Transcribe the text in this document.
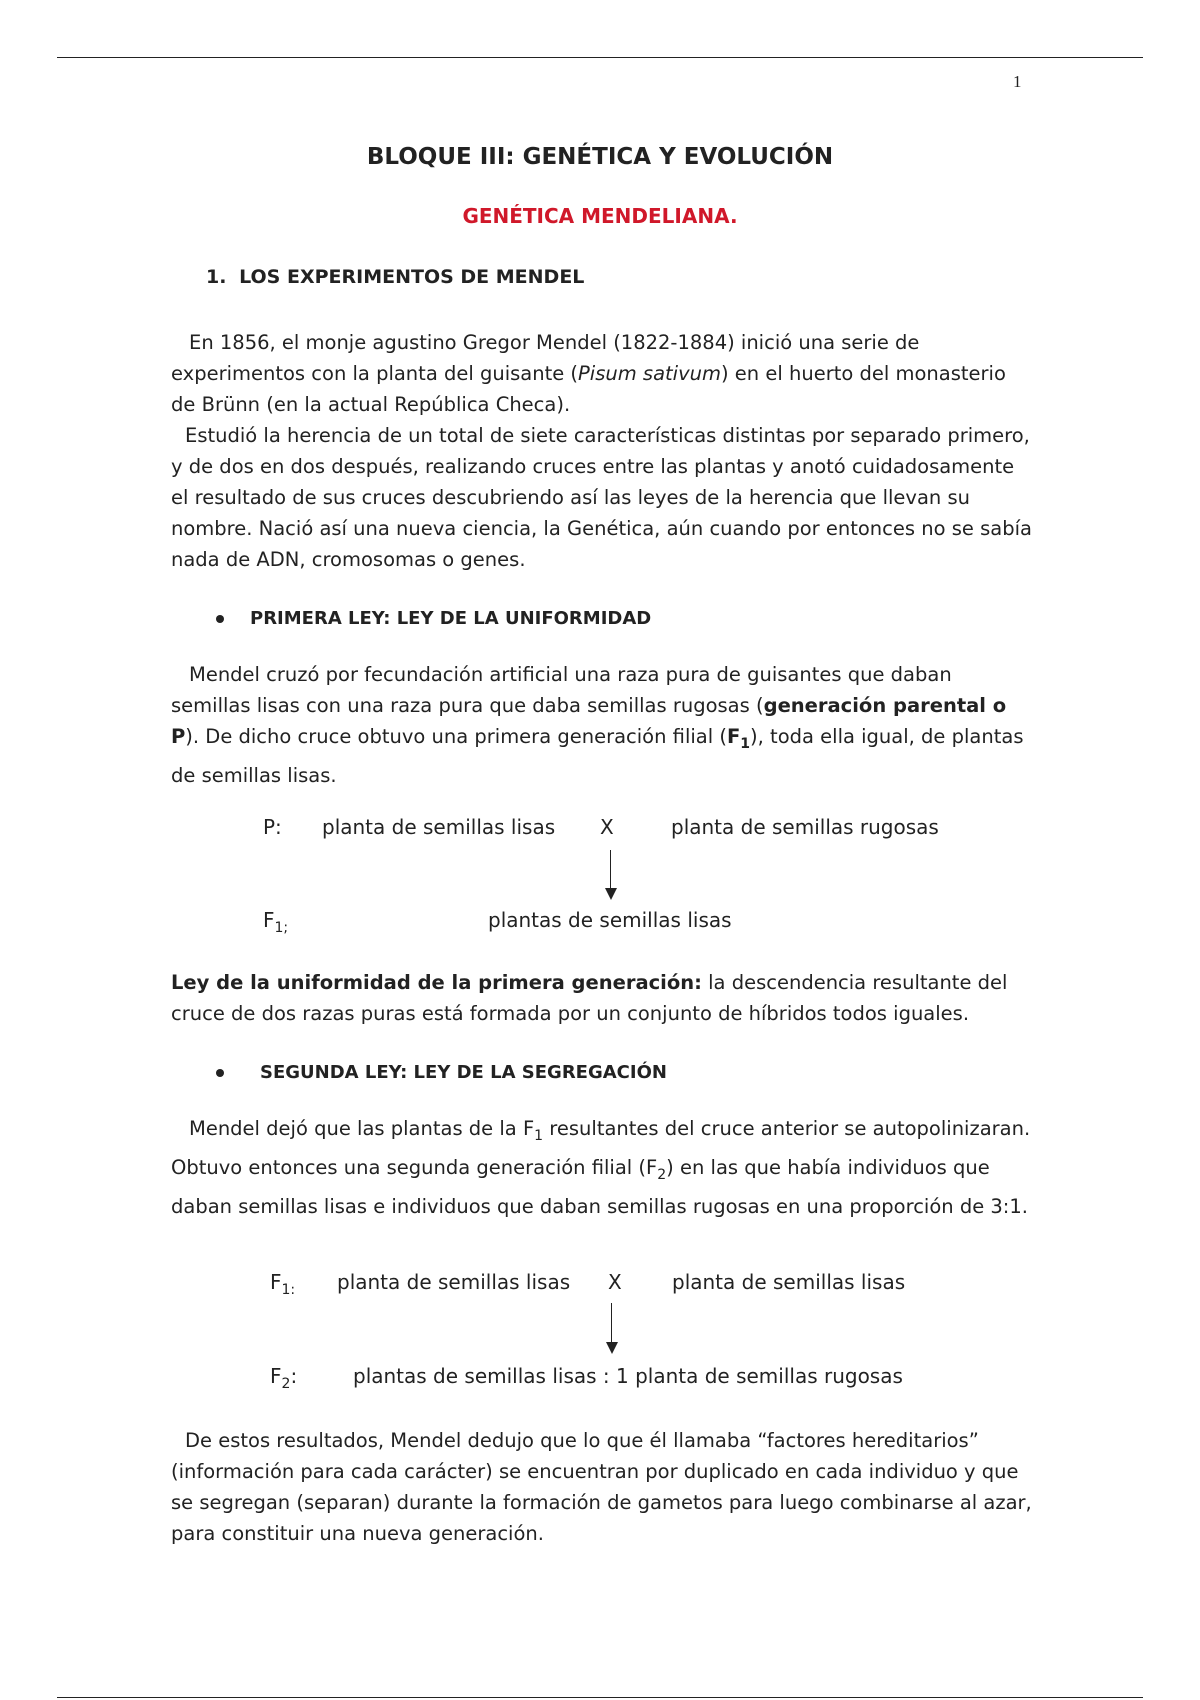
1
BLOQUE III: GENÉTICA Y EVOLUCIÓN
GENÉTICA MENDELIANA.
1. LOS EXPERIMENTOS DE MENDEL

En 1856, el monje agustino Gregor Mendel (1822-1884) inició una serie de experimentos con la planta del guisante (Pisum sativum) en el huerto del monasterio de Brünn (en la actual República Checa).

Estudió la herencia de un total de siete características distintas por separado primero, y de dos en dos después, realizando cruces entre las plantas y anotó cuidadosamente el resultado de sus cruces descubriendo así las leyes de la herencia que llevan su nombre. Nació así una nueva ciencia, la Genética, aún cuando por entonces no se sabía nada de ADN, cromosomas o genes.

PRIMERA LEY: LEY DE LA UNIFORMIDAD

Mendel cruzó por fecundación artificial una raza pura de guisantes que daban semillas lisas con una raza pura que daba semillas rugosas (generación parental o P). De dicho cruce obtuvo una primera generación filial $(F_1)$, toda ella igual, de plantas de semillas lisas.

P: planta de semillas lisas X	planta de semillas rugosas
$F_{1;}$	plantas de semillas lisas

Ley de la uniformidad de la primera generación: la descendencia resultante del cruce de dos razas puras está formada por un conjunto de híbridos todos iguales.

SEGUNDA LEY: LEY DE LA SEGREGACIÓN

Mendel dejó que las plantas de la $F_1$ resultantes del cruce anterior se autopolinizaran. Obtuvo entonces una segunda generación filial $(F_2)$ en las que había individuos que daban semillas lisas e individuos que daban semillas rugosas en una proporción de 3:1.

$F_{1:}$ planta de semillas lisas X	planta de semillas lisas
$F_2$:	plantas de semillas lisas : 1 planta de semillas rugosas

De estos resultados, Mendel dedujo que lo que él llamaba “factores hereditarios” (información para cada carácter) se encuentran por duplicado en cada individuo y que se segregan (separan) durante la formación de gametos para luego combinarse al azar, para constituir una nueva generación.
